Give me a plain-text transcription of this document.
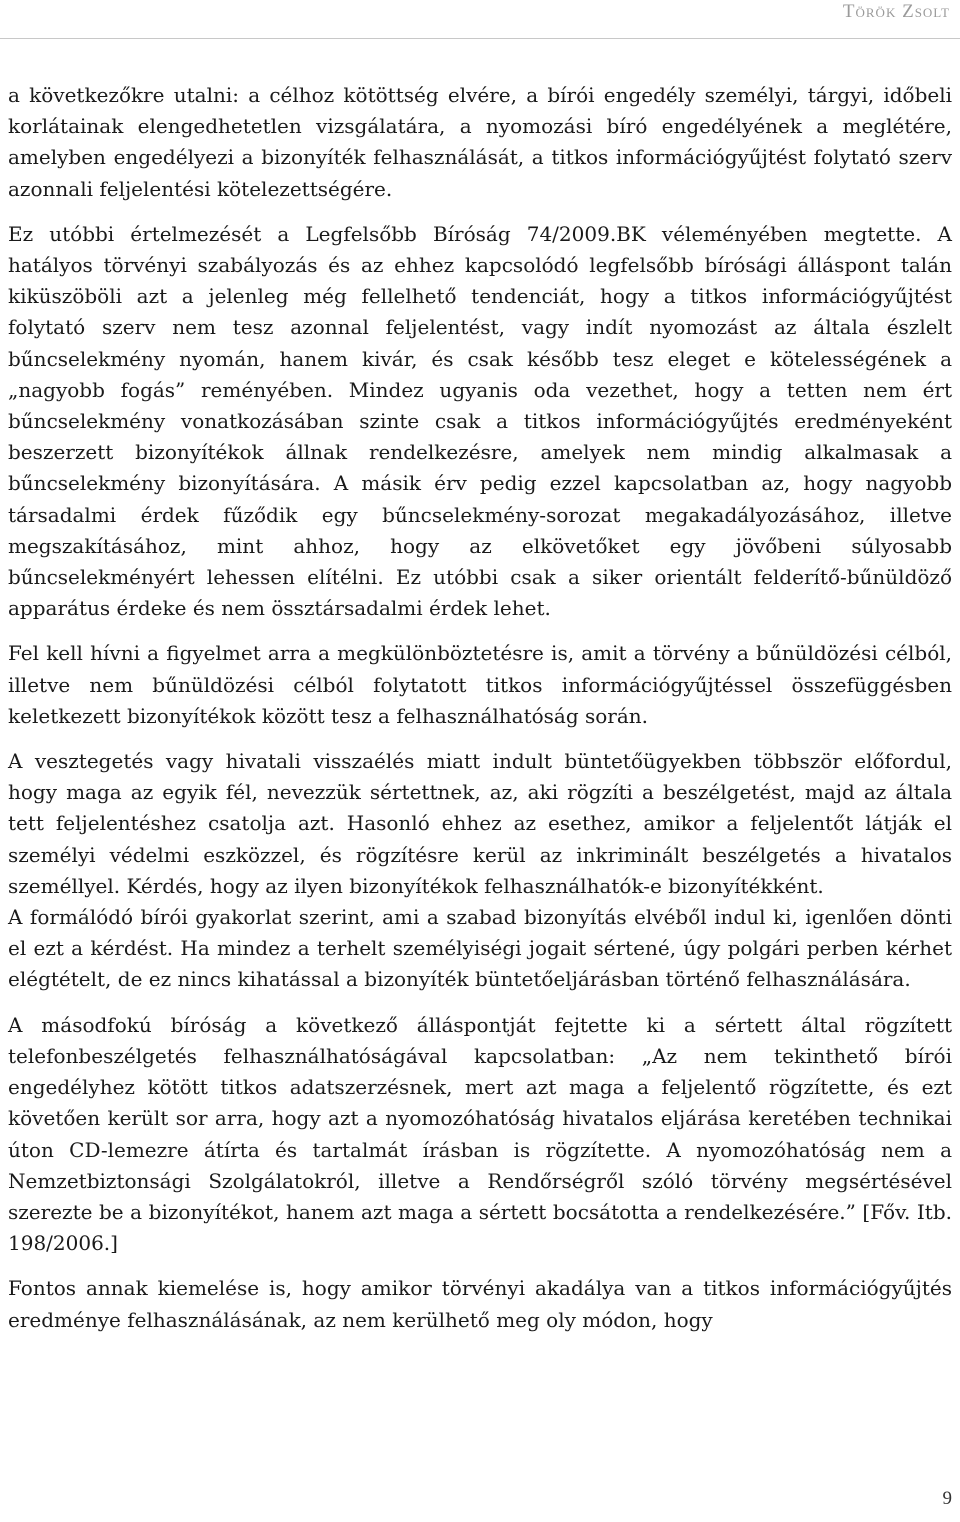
Török Zsolt

a következőkre utalni: a célhoz kötöttség elvére, a bírói engedély személyi, tárgyi, időbeli korlátainak elengedhetetlen vizsgálatára, a nyomozási bíró engedélyének a meglétére, amelyben engedélyezi a bizonyíték felhasználását, a titkos információgyűjtést folytató szerv azonnali feljelentési kötelezettségére.

Ez utóbbi értelmezését a Legfelsőbb Bíróság 74/2009.BK véleményében megtette. A hatályos törvényi szabályozás és az ehhez kapcsolódó legfelsőbb bírósági álláspont talán kiküszöböli azt a jelenleg még fellelhető tendenciát, hogy a titkos információgyűjtést folytató szerv nem tesz azonnal feljelentést, vagy indít nyomozást az általa észlelt bűncselekmény nyomán, hanem kivár, és csak később tesz eleget e kötelességének a „nagyobb fogás” reményében. Mindez ugyanis oda vezethet, hogy a tetten nem ért bűncselekmény vonatkozásában szinte csak a titkos információgyűjtés eredményeként beszerzett bizonyítékok állnak rendelkezésre, amelyek nem mindig alkalmasak a bűncselekmény bizonyítására. A másik érv pedig ezzel kapcsolatban az, hogy nagyobb társadalmi érdek fűződik egy bűncselekmény-sorozat megakadályozásához, illetve megszakításához, mint ahhoz, hogy az elkövetőket egy jövőbeni súlyosabb bűncselekményért lehessen elítélni. Ez utóbbi csak a siker orientált felderítő-bűnüldöző apparátus érdeke és nem össztársadalmi érdek lehet.

Fel kell hívni a figyelmet arra a megkülönböztetésre is, amit a törvény a bűnüldözési célból, illetve nem bűnüldözési célból folytatott titkos információgyűjtéssel összefüggésben keletkezett bizonyítékok között tesz a felhasználhatóság során.

A vesztegetés vagy hivatali visszaélés miatt indult büntetőügyekben többször előfordul, hogy maga az egyik fél, nevezzük sértettnek, az, aki rögzíti a beszélgetést, majd az általa tett feljelentéshez csatolja azt. Hasonló ehhez az esethez, amikor a feljelentőt látják el személyi védelmi eszközzel, és rögzítésre kerül az inkriminált beszélgetés a hivatalos személlyel. Kérdés, hogy az ilyen bizonyítékok felhasználhatók-e bizonyítékként.

A formálódó bírói gyakorlat szerint, ami a szabad bizonyítás elvéből indul ki, igenlően dönti el ezt a kérdést. Ha mindez a terhelt személyiségi jogait sértené, úgy polgári perben kérhet elégtételt, de ez nincs kihatással a bizonyíték büntetőeljárásban történő felhasználására.

A másodfokú bíróság a következő álláspontját fejtette ki a sértett által rögzített telefonbeszélgetés felhasználhatóságával kapcsolatban: „Az nem tekinthető bírói engedélyhez kötött titkos adatszerzésnek, mert azt maga a feljelentő rögzítette, és ezt követően került sor arra, hogy azt a nyomozóhatóság hivatalos eljárása keretében technikai úton CD-lemezre átírta és tartalmát írásban is rögzítette. A nyomozóhatóság nem a Nemzetbiztonsági Szolgálatokról, illetve a Rendőrségről szóló törvény megsértésével szerezte be a bizonyítékot, hanem azt maga a sértett bocsátotta a rendelkezésére.” [Főv. Itb. 198/2006.]

Fontos annak kiemelése is, hogy amikor törvényi akadálya van a titkos információgyűjtés eredménye felhasználásának, az nem kerülhető meg oly módon, hogy

9
